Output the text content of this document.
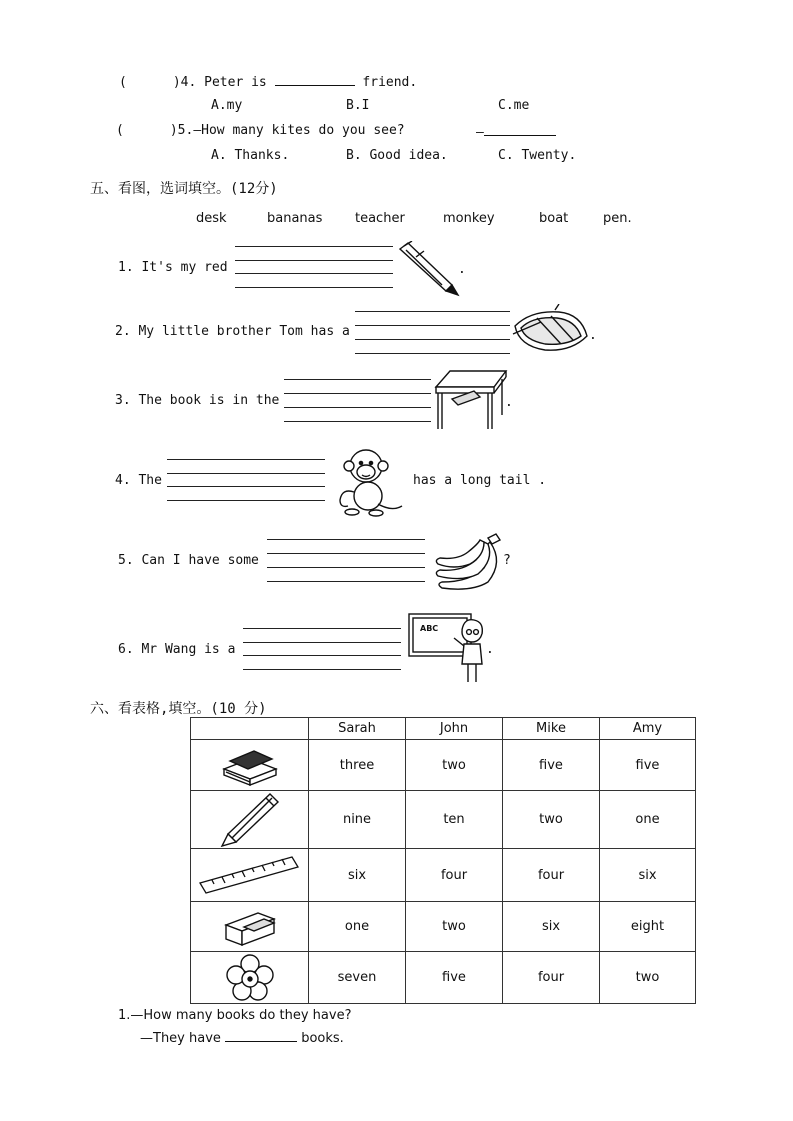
(	)4. Peter is	friend.
A.my	B.I	C.me
(	)5.—How many kites do you see?	—
A. Thanks.	B. Good idea.	C. Twenty.
五、看图，选词填空。(12分)
desk	bananas	teacher	monkey	boat	pen.
1. It's my red	.
2. My little brother Tom has a	.
3. The book is in the	.
4. The	has a long tail .
5. Can I have some	?
6. Mr Wang is a
ABC
.
六、看表格,填空。(10 分)
	Sarah	John	Mike	Amy

	three	two	five	five

	nine	ten	two	one

	six	four	four	six

	one	two	six	eight

	seven	five	four	two
1.—How many books do they have?
—They have	books.
